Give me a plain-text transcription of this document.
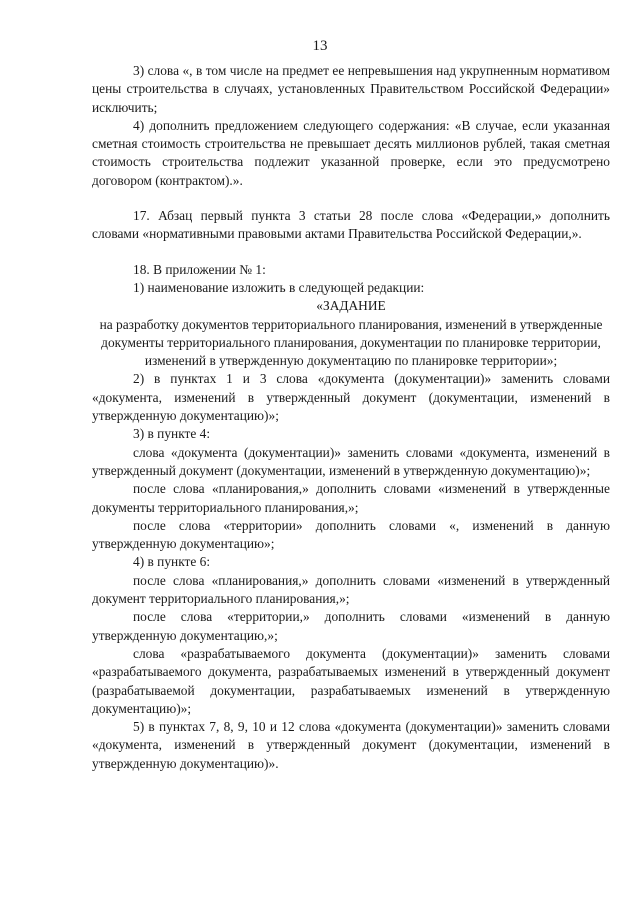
13

3) слова «, в том числе на предмет ее непревышения над укрупненным нормативом цены строительства в случаях, установленных Правительством Российской Федерации» исключить;

4) дополнить предложением следующего содержания: «В случае, если указанная сметная стоимость строительства не превышает десять миллионов рублей, такая сметная стоимость строительства подлежит указанной проверке, если это предусмотрено договором (контрактом).».

17. Абзац первый пункта 3 статьи 28 после слова «Федерации,» дополнить словами «нормативными правовыми актами Правительства Российской Федерации,».

18. В приложении № 1:

1) наименование изложить в следующей редакции:

«ЗАДАНИЕ

на разработку документов территориального планирования, изменений в утвержденные документы территориального планирования, документации по планировке территории, изменений в утвержденную документацию по планировке территории»;

2) в пунктах 1 и 3 слова «документа (документации)» заменить словами «документа, изменений в утвержденный документ (документации, изменений в утвержденную документацию)»;

3) в пункте 4:

слова «документа (документации)» заменить словами «документа, изменений в утвержденный документ (документации, изменений в утвержденную документацию)»;

после слова «планирования,» дополнить словами «изменений в утвержденные документы территориального планирования,»;

после слова «территории» дополнить словами «, изменений в данную утвержденную документацию»;

4) в пункте 6:

после слова «планирования,» дополнить словами «изменений в утвержденный документ территориального планирования,»;

после слова «территории,» дополнить словами «изменений в данную утвержденную документацию,»;

слова «разрабатываемого документа (документации)» заменить словами «разрабатываемого документа, разрабатываемых изменений в утвержденный документ (разрабатываемой документации, разрабатываемых изменений в утвержденную документацию)»;

5) в пунктах 7, 8, 9, 10 и 12 слова «документа (документации)» заменить словами «документа, изменений в утвержденный документ (документации, изменений в утвержденную документацию)».
